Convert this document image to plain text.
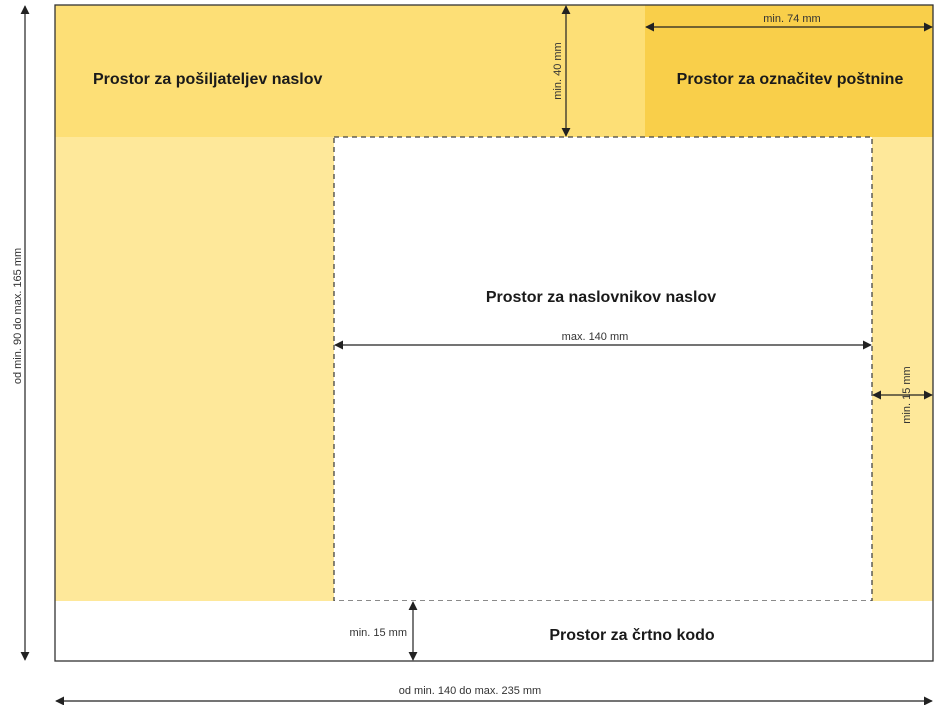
Prostor za pošiljateljev naslov	Prostor za označitev poštnine
Prostor za naslovnikov naslov
Prostor za črtno kodo
od min. 90 do max. 165 mm
od min. 140 do max. 235 mm
min. 40 mm
min. 74 mm
max. 140 mm
min. 15 mm
min. 15 mm
